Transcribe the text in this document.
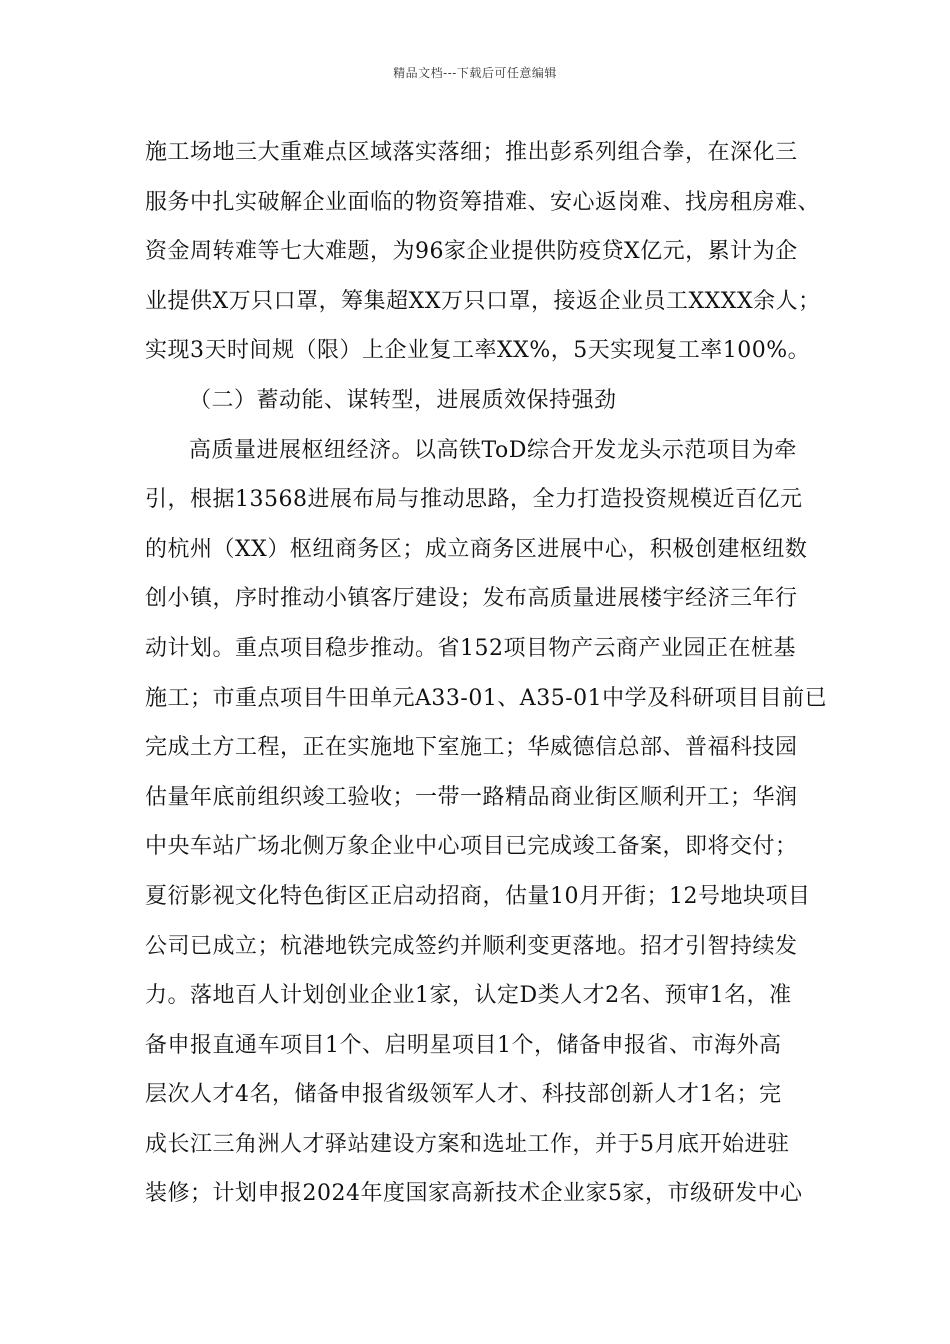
精品文档---下载后可任意编辑
施工场地三大重难点区域落实落细；推出彭系列组合拳，在深化三
服务中扎实破解企业面临的物资筹措难、安心返岗难、找房租房难、
资金周转难等七大难题，为96家企业提供防疫贷X亿元，累计为企
业提供X万只口罩，筹集超XX万只口罩，接返企业员工XXXX余人；
实现3天时间规（限）上企业复工率XX%，5天实现复工率100%。
（二）蓄动能、谋转型，进展质效保持强劲
高质量进展枢纽经济。以高铁ToD综合开发龙头示范项目为牵
引，根据13568进展布局与推动思路，全力打造投资规模近百亿元
的杭州（XX）枢纽商务区；成立商务区进展中心，积极创建枢纽数
创小镇，序时推动小镇客厅建设；发布高质量进展楼宇经济三年行
动计划。重点项目稳步推动。省152项目物产云商产业园正在桩基
施工；市重点项目牛田单元A33-01、A35-01中学及科研项目目前已
完成土方工程，正在实施地下室施工；华威德信总部、普福科技园
估量年底前组织竣工验收；一带一路精品商业街区顺利开工；华润
中央车站广场北侧万象企业中心项目已完成竣工备案，即将交付；
夏衍影视文化特色街区正启动招商，估量10月开街；12号地块项目
公司已成立；杭港地铁完成签约并顺利变更落地。招才引智持续发
力。落地百人计划创业企业1家，认定D类人才2名、预审1名，准
备申报直通车项目1个、启明星项目1个，储备申报省、市海外高
层次人才4名，储备申报省级领军人才、科技部创新人才1名；完
成长江三角洲人才驿站建设方案和选址工作，并于5月底开始进驻
装修；计划申报2024年度国家高新技术企业家5家，市级研发中心
